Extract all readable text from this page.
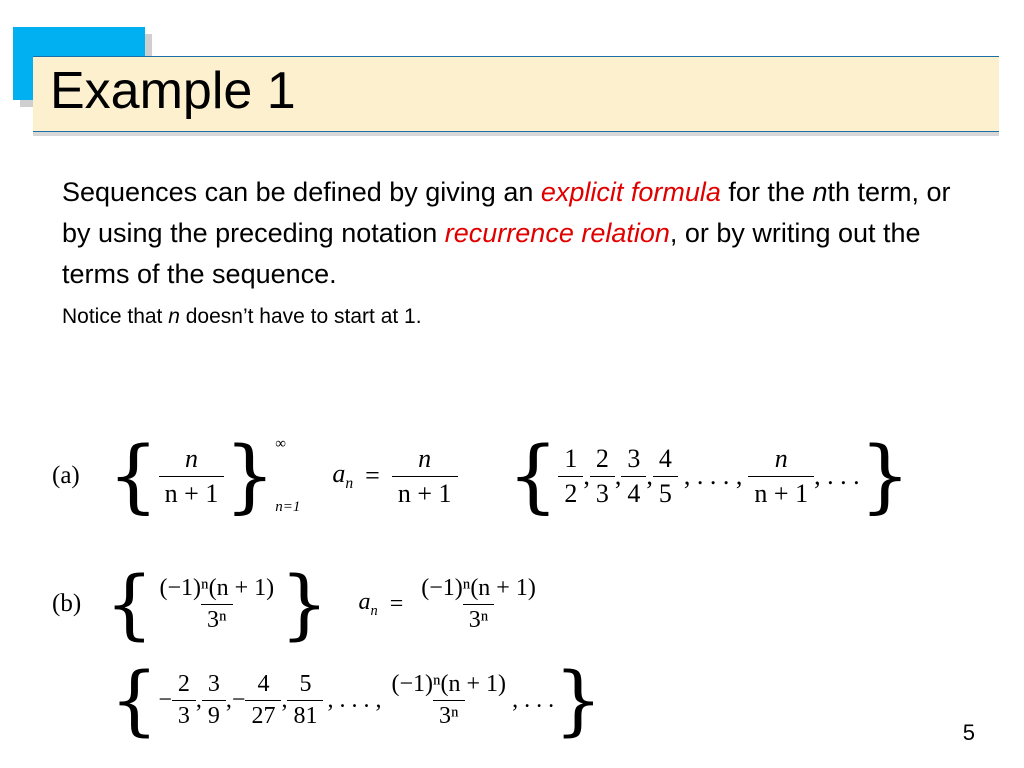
Example 1
Sequences can be defined by giving an explicit formula for the nth term, or by using the preceding notation recurrence relation, or by writing out the terms of the sequence.
Notice that n doesn’t have to start at 1.
(a) { $\frac{n}{n + 1}$ } ∞
n=1
$a_n = \frac{n}{n + 1}$ { $\frac{1}{2}$ , $\frac{2}{3}$ , $\frac{3}{4}$ , $\frac{4}{5}$ , . . . , $\frac{n}{n + 1}$ , . . . }
(b) { $\frac{\text{(−1)ⁿ(n + 1)}}{\text{3ⁿ}}$ } $a_n = \frac{\text{(−1)ⁿ(n + 1)}}{\text{3ⁿ}}$
{ − $\frac{2}{3}$ , $\frac{3}{9}$ , − $\frac{4}{27}$ , $\frac{5}{81}$ , . . . , $\frac{\text{(−1)ⁿ(n + 1)}}{\text{3ⁿ}}$ , . . . }	5
